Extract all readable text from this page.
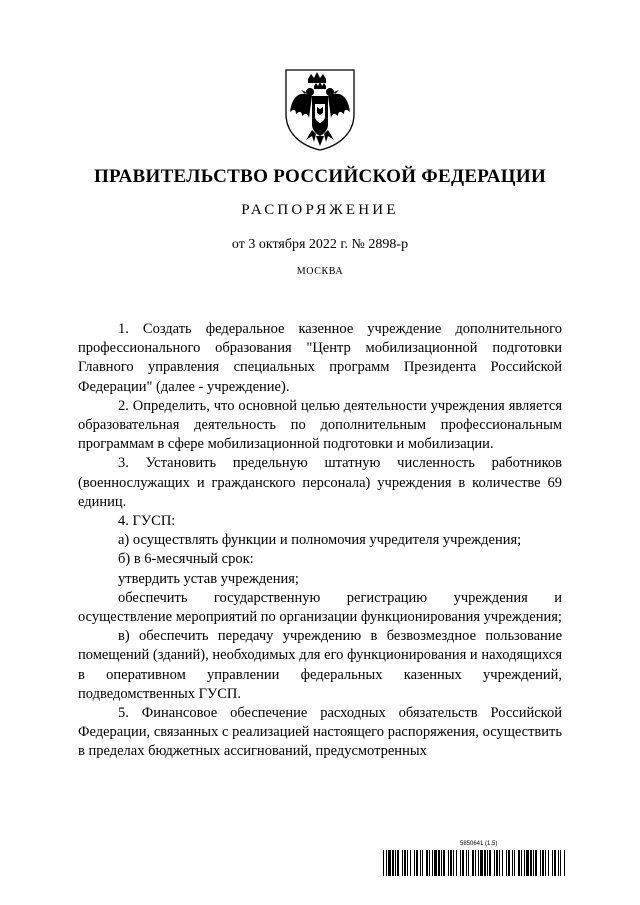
ПРАВИТЕЛЬСТВО РОССИЙСКОЙ ФЕДЕРАЦИИ
РАСПОРЯЖЕНИЕ
от 3 октября 2022 г. № 2898-р
МОСКВА

1. Создать федеральное казенное учреждение дополнительного профессионального образования "Центр мобилизационной подготовки Главного управления специальных программ Президента Российской Федерации" (далее - учреждение).

2. Определить, что основной целью деятельности учреждения является образовательная деятельность по дополнительным профессиональным программам в сфере мобилизационной подготовки и мобилизации.

3. Установить предельную штатную численность работников (военнослужащих и гражданского персонала) учреждения в количестве 69 единиц.

4. ГУСП:

а) осуществлять функции и полномочия учредителя учреждения;

б) в 6-месячный срок:

утвердить устав учреждения;

обеспечить государственную регистрацию учреждения и осуществление мероприятий по организации функционирования учреждения;

в) обеспечить передачу учреждению в безвозмездное пользование помещений (зданий), необходимых для его функционирования и находящихся в оперативном управлении федеральных казенных учреждений, подведомственных ГУСП.

5. Финансовое обеспечение расходных обязательств Российской Федерации, связанных с реализацией настоящего распоряжения, осуществить в пределах бюджетных ассигнований, предусмотренных

5850641 (1.5)
